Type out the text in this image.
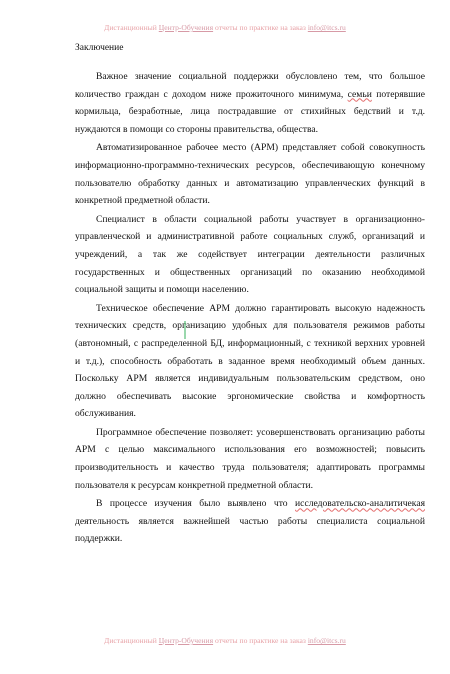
Дистанционный Центр-Обучения отчеты по практике на заказ info@itcs.ru
Заключение

Важное значение социальной поддержки обусловлено тем, что большое количество граждан с доходом ниже прожиточного минимума, семьи потерявшие кормильца, безработные, лица пострадавшие от стихийных бедствий и т.д. нуждаются в помощи со стороны правительства, общества.

Автоматизированное рабочее место (АРМ) представляет собой совокупность информационно-программно-технических ресурсов, обеспечивающую конечному пользователю обработку данных и автоматизацию управленческих функций в конкретной предметной области.

Специалист в области социальной работы участвует в организационно-управленческой и административной работе социальных служб, организаций и учреждений, а так же содействует интеграции деятельности различных государственных и общественных организаций по оказанию необходимой социальной защиты и помощи населению.

Техническое обеспечение АРМ должно гарантировать высокую надежность технических средств, организацию удобных для пользователя режимов работы (автономный, с распределенной БД, информационный, с техникой верхних уровней и т.д.), способность обработать в заданное время необходимый объем данных. Поскольку АРМ является индивидуальным пользовательским средством, оно должно обеспечивать высокие эргономические свойства и комфортность обслуживания.

Программное обеспечение позволяет: усовершенствовать организацию работы АРМ с целью максимального использования его возможностей; повысить производительность и качество труда пользователя; адаптировать программы пользователя к ресурсам конкретной предметной области.

В процессе изучения было выявлено что исследовательско-аналитичекая деятельность является важнейшей частью работы специалиста социальной поддержки.

Дистанционный Центр-Обучения отчеты по практике на заказ info@itcs.ru
